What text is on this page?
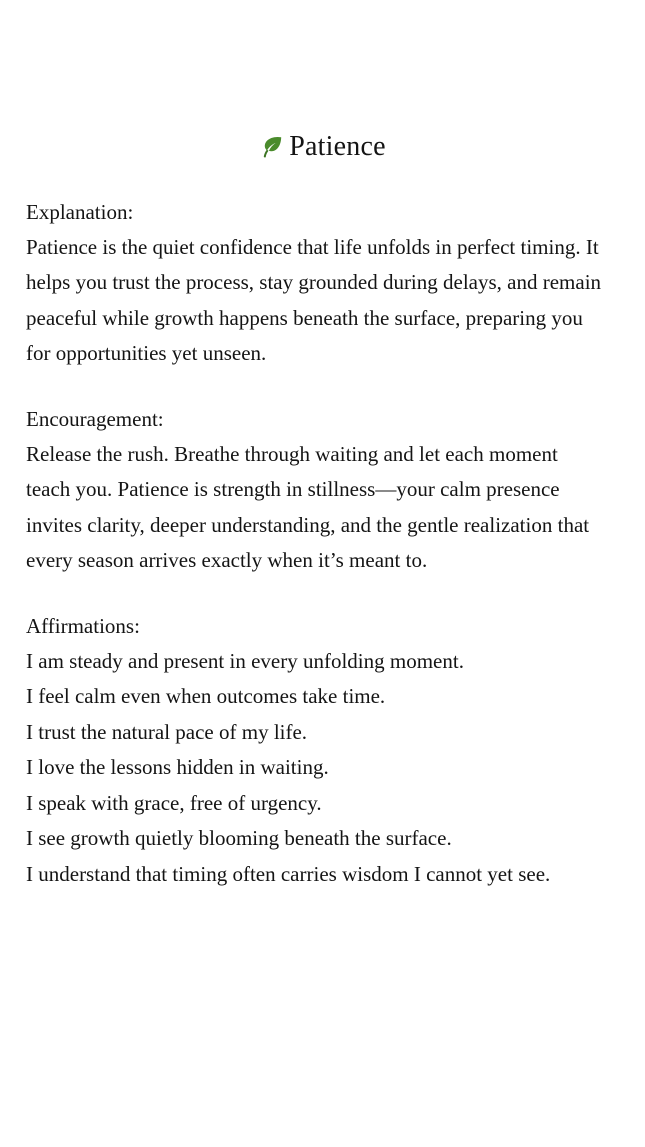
Patience
Explanation:
Patience is the quiet confidence that life unfolds in perfect timing. It helps you trust the process, stay grounded during delays, and remain peaceful while growth happens beneath the surface, preparing you for opportunities yet unseen.
Encouragement:
Release the rush. Breathe through waiting and let each moment teach you. Patience is strength in stillness—your calm presence invites clarity, deeper understanding, and the gentle realization that every season arrives exactly when it’s meant to.
Affirmations:
I am steady and present in every unfolding moment.
I feel calm even when outcomes take time.
I trust the natural pace of my life.
I love the lessons hidden in waiting.
I speak with grace, free of urgency.
I see growth quietly blooming beneath the surface.
I understand that timing often carries wisdom I cannot yet see.
